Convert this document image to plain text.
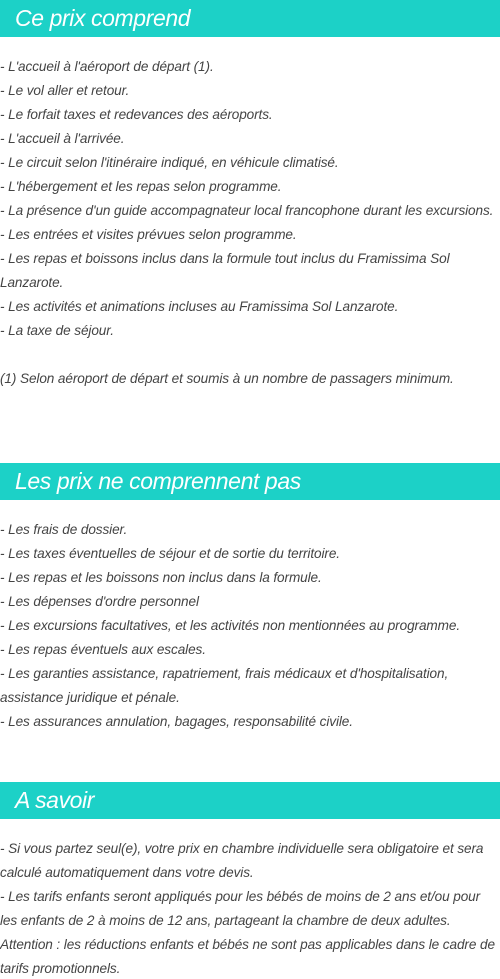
Ce prix comprend

- L'accueil à l'aéroport de départ (1).

- Le vol aller et retour.

- Le forfait taxes et redevances des aéroports.

- L'accueil à l'arrivée.

- Le circuit selon l'itinéraire indiqué, en véhicule climatisé.

- L'hébergement et les repas selon programme.

- La présence d'un guide accompagnateur local francophone durant les excursions.

- Les entrées et visites prévues selon programme.

- Les repas et boissons inclus dans la formule tout inclus du Framissima Sol Lanzarote.

- Les activités et animations incluses au Framissima Sol Lanzarote.

- La taxe de séjour.

(1) Selon aéroport de départ et soumis à un nombre de passagers minimum.

Les prix ne comprennent pas

- Les frais de dossier.

- Les taxes éventuelles de séjour et de sortie du territoire.

- Les repas et les boissons non inclus dans la formule.

- Les dépenses d'ordre personnel

- Les excursions facultatives, et les activités non mentionnées au programme.

- Les repas éventuels aux escales.

- Les garanties assistance, rapatriement, frais médicaux et d'hospitalisation, assistance juridique et pénale.

- Les assurances annulation, bagages, responsabilité civile.

A savoir

- Si vous partez seul(e), votre prix en chambre individuelle sera obligatoire et sera calculé automatiquement dans votre devis.

- Les tarifs enfants seront appliqués pour les bébés de moins de 2 ans et/ou pour les enfants de 2 à moins de 12 ans, partageant la chambre de deux adultes.

Attention : les réductions enfants et bébés ne sont pas applicables dans le cadre de tarifs promotionnels.
